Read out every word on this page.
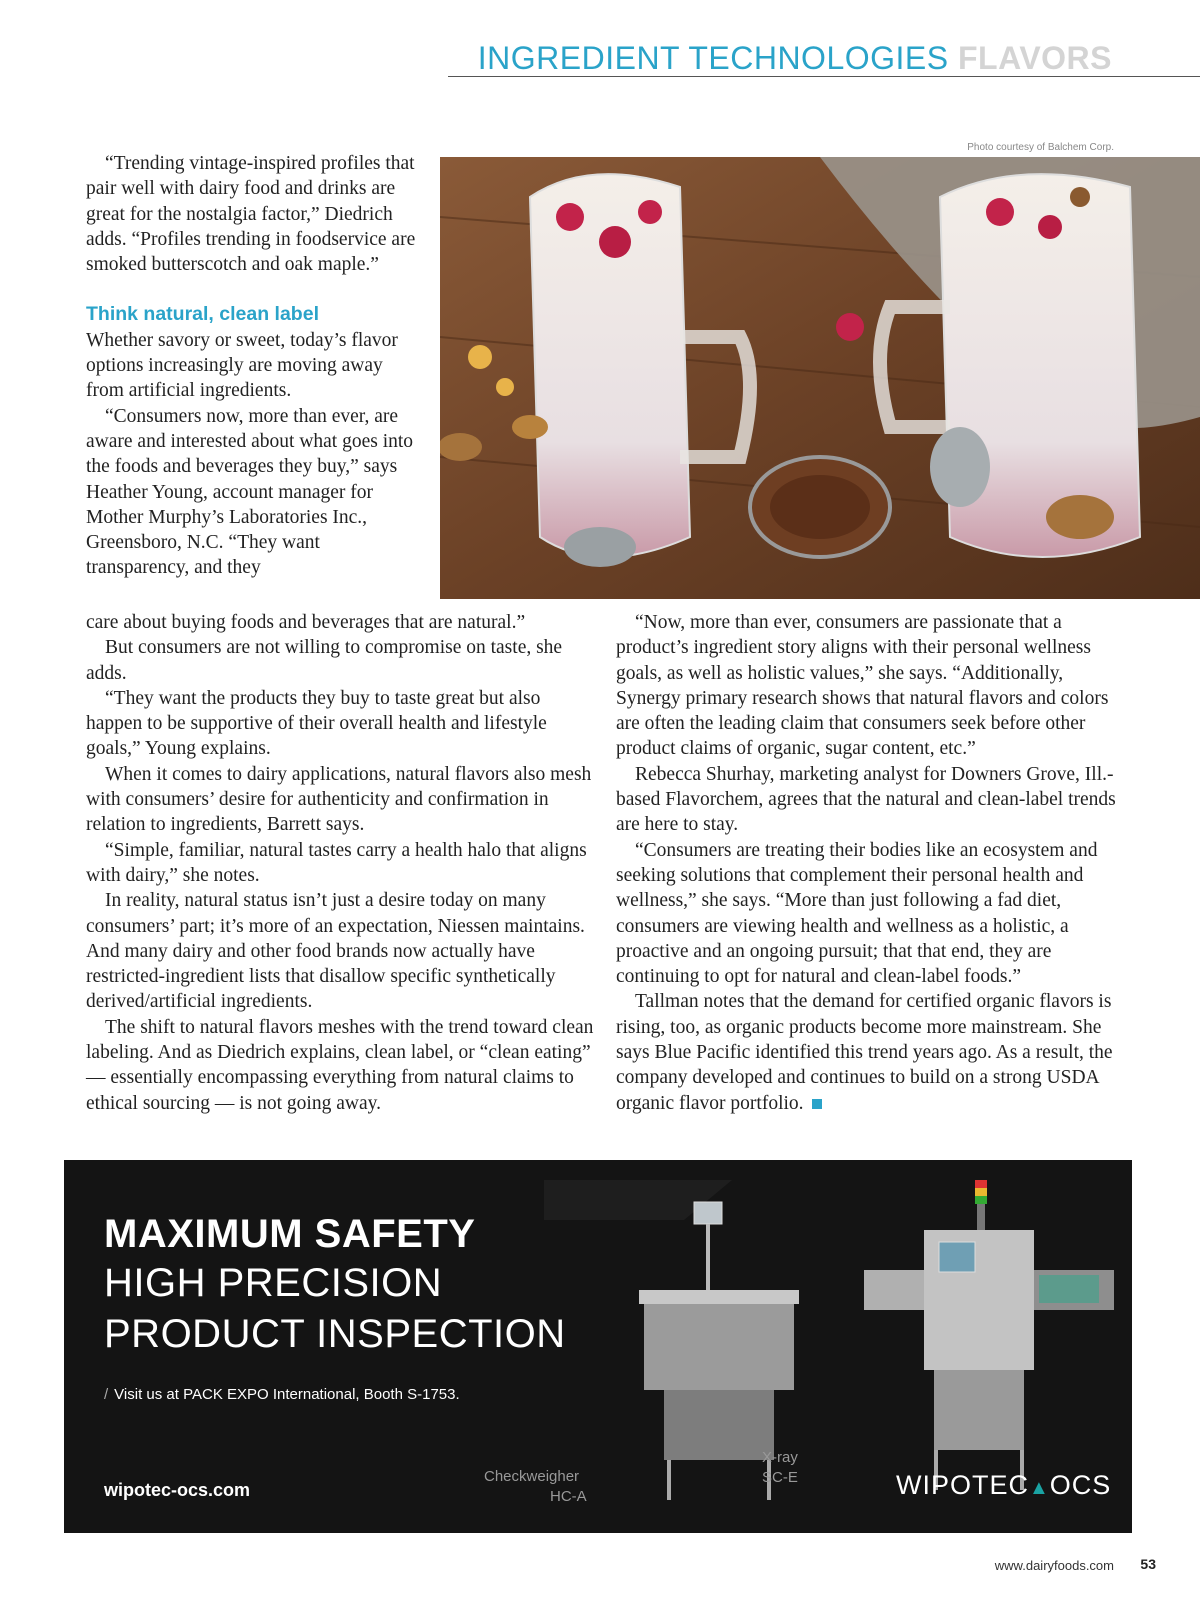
INGREDIENT TECHNOLOGIES FLAVORS
Photo courtesy of Balchem Corp.

“Trending vintage-inspired profiles that pair well with dairy food and drinks are great for the nostalgia factor,” Diedrich adds. “Profiles trending in foodservice are smoked butterscotch and oak maple.”

Think natural, clean label

Whether savory or sweet, today’s flavor options increasingly are moving away from artificial ingredients.

“Consumers now, more than ever, are aware and interested about what goes into the foods and beverages they buy,” says Heather Young, account manager for Mother Murphy’s Laboratories Inc., Greensboro, N.C. “They want transparency, and they

care about buying foods and beverages that are natural.”

But consumers are not willing to compromise on taste, she adds.

“They want the products they buy to taste great but also happen to be supportive of their overall health and lifestyle goals,” Young explains.

When it comes to dairy applications, natural flavors also mesh with consumers’ desire for authenticity and confirmation in relation to ingredients, Barrett says.

“Simple, familiar, natural tastes carry a health halo that aligns with dairy,” she notes.

In reality, natural status isn’t just a desire today on many consumers’ part; it’s more of an expectation, Niessen maintains. And many dairy and other food brands now actually have restricted-ingredient lists that disallow specific synthetically derived/artificial ingredients.

The shift to natural flavors meshes with the trend toward clean labeling. And as Diedrich explains, clean label, or “clean eating” — essentially encompassing everything from natural claims to ethical sourcing — is not going away.

“Now, more than ever, consumers are passionate that a product’s ingredient story aligns with their personal wellness goals, as well as holistic values,” she says. “Additionally, Synergy primary research shows that natural flavors and colors are often the leading claim that consumers seek before other product claims of organic, sugar content, etc.”

Rebecca Shurhay, marketing analyst for Downers Grove, Ill.-based Flavorchem, agrees that the natural and clean-label trends are here to stay.

“Consumers are treating their bodies like an ecosystem and seeking solutions that complement their personal health and wellness,” she says. “More than just following a fad diet, consumers are viewing health and wellness as a holistic, a proactive and an ongoing pursuit; that that end, they are continuing to opt for natural and clean-label foods.”

Tallman notes that the demand for certified organic flavors is rising, too, as organic products become more mainstream. She says Blue Pacific identified this trend years ago. As a result, the company developed and continues to build on a strong USDA organic flavor portfolio.

MAXIMUM SAFETY
HIGH PRECISION
PRODUCT INSPECTION
/ Visit us at PACK EXPO International, Booth S-1753.
wipotec-ocs.com
Checkweigher
HC-A
X-ray
SC-E	WIPOTEC▲OCS
www.dairyfoods.com 53
